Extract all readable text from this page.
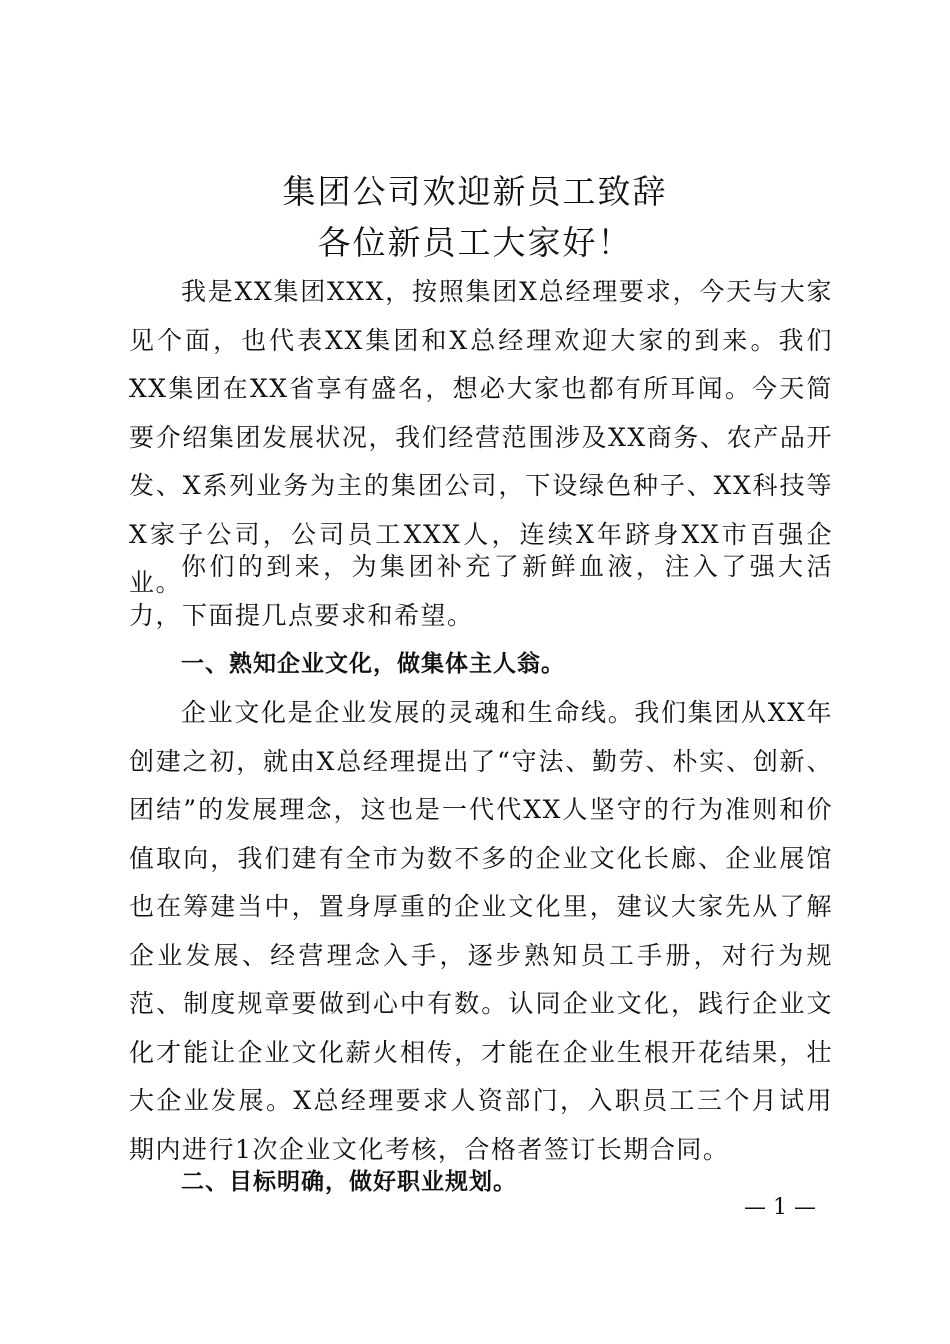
集团公司欢迎新员工致辞
各位新员工大家好！

我是XX集团XXX，按照集团X总经理要求，今天与大家见个面，也代表XX集团和X总经理欢迎大家的到来。我们XX集团在XX省享有盛名，想必大家也都有所耳闻。今天简要介绍集团发展状况，我们经营范围涉及XX商务、农产品开发、X系列业务为主的集团公司，下设绿色种子、XX科技等X家子公司，公司员工XXX人，连续X年跻身XX市百强企业。

你们的到来，为集团补充了新鲜血液，注入了强大活力，下面提几点要求和希望。

一、熟知企业文化，做集体主人翁。

企业文化是企业发展的灵魂和生命线。我们集团从XX年创建之初，就由X总经理提出了“守法、勤劳、朴实、创新、团结”的发展理念，这也是一代代XX人坚守的行为准则和价值取向，我们建有全市为数不多的企业文化长廊、企业展馆也在筹建当中，置身厚重的企业文化里，建议大家先从了解企业发展、经营理念入手，逐步熟知员工手册，对行为规范、制度规章要做到心中有数。认同企业文化，践行企业文化才能让企业文化薪火相传，才能在企业生根开花结果，壮大企业发展。X总经理要求人资部门，入职员工三个月试用期内进行1次企业文化考核，合格者签订长期合同。

二、目标明确，做好职业规划。
— 1 —
